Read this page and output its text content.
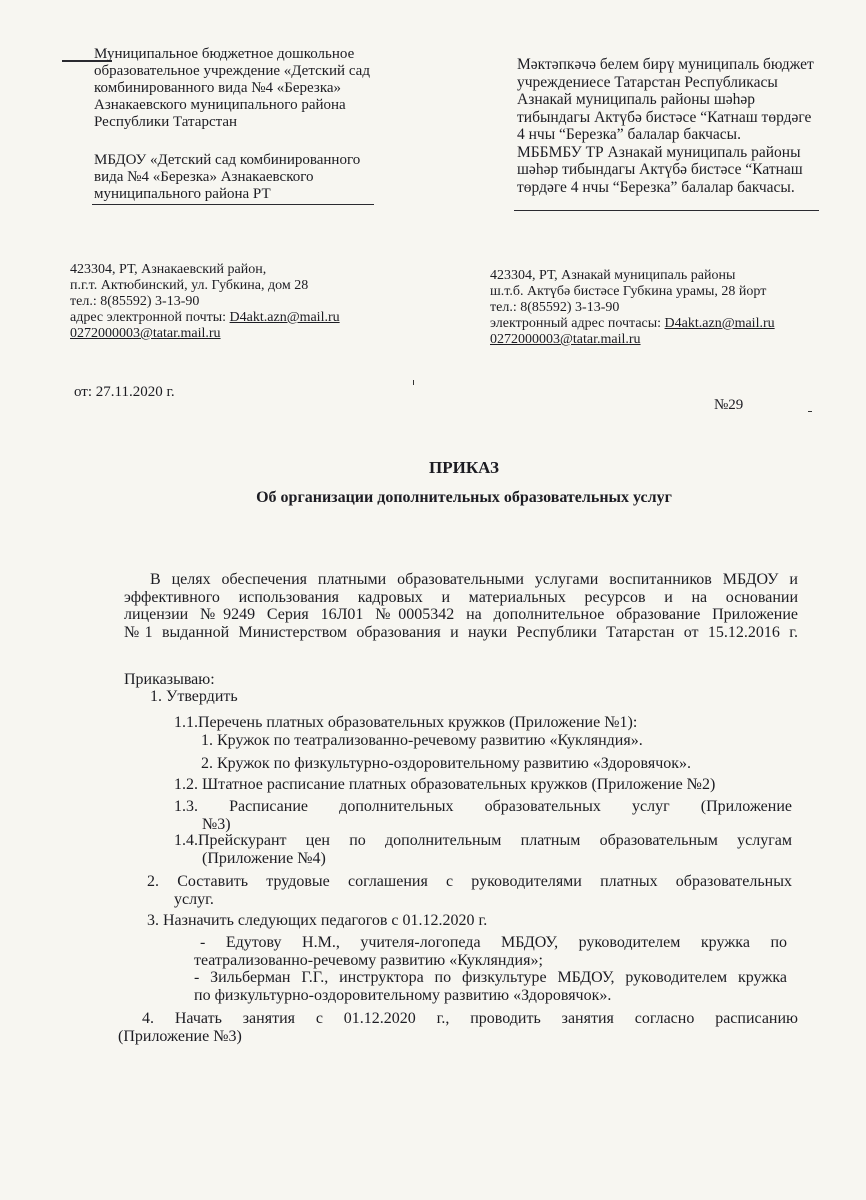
Муниципальное бюджетное дошкольное
образовательное учреждение «Детский сад
комбинированного вида №4 «Березка»
Азнакаевского муниципального района
Республики Татарстан
МБДОУ «Детский сад комбинированного
вида №4 «Березка» Азнакаевского
муниципального района РТ
Мәктәпкәчә белем бирү муниципаль бюджет
учреждениесе Татарстан Республикасы
Азнакай муниципаль районы шәһәр
тибындагы Актүбә бистәсе “Катнаш төрдәге
4 нчы “Березка” балалар бакчасы.
МББМБУ ТР Азнакай муниципаль районы
шәһәр тибындагы Актүбә бистәсе “Катнаш
төрдәге 4 нчы “Березка” балалар бакчасы.
423304, РТ, Азнакаевский район,
п.г.т. Актюбинский, ул. Губкина, дом 28
тел.: 8(85592) 3-13-90
адрес электронной почты: D4akt.azn@mail.ru
0272000003@tatar.mail.ru
423304, РТ, Азнакай муниципаль районы
ш.т.б. Актүбә бистәсе Губкина урамы, 28 йорт
тел.: 8(85592) 3-13-90
электронный адрес почтасы: D4akt.azn@mail.ru
0272000003@tatar.mail.ru
от: 27.11.2020 г.
№29
ПРИКАЗ
Об организации дополнительных образовательных услуг
В целях обеспечения платными образовательными услугами воспитанников МБДОУ и
эффективного использования кадровых и материальных ресурсов и на основании
лицензии №9249 Серия 16Л01 №0005342 на дополнительное образование Приложение
№1 выданной Министерством образования и науки Республики Татарстан от 15.12.2016 г.
Приказываю:
1. Утвердить
1.1.Перечень платных образовательных кружков (Приложение №1):
1. Кружок по театрализованно-речевому развитию «Кукляндия».
2. Кружок по физкультурно-оздоровительному развитию «Здоровячок».
1.2. Штатное расписание платных образовательных кружков (Приложение №2)
1.3. Расписание дополнительных образовательных услуг (Приложение
№3)
1.4.Прейскурант цен по дополнительным платным образовательным услугам
(Приложение №4)
2. Составить трудовые соглашения с руководителями платных образовательных
услуг.
3. Назначить следующих педагогов с 01.12.2020 г.
- Едутову Н.М., учителя-логопеда МБДОУ, руководителем кружка по
театрализованно-речевому развитию «Кукляндия»;
- Зильберман Г.Г., инструктора по физкультуре МБДОУ, руководителем кружка
по физкультурно-оздоровительному развитию «Здоровячок».
4. Начать занятия с 01.12.2020 г., проводить занятия согласно расписанию
(Приложение №3)
